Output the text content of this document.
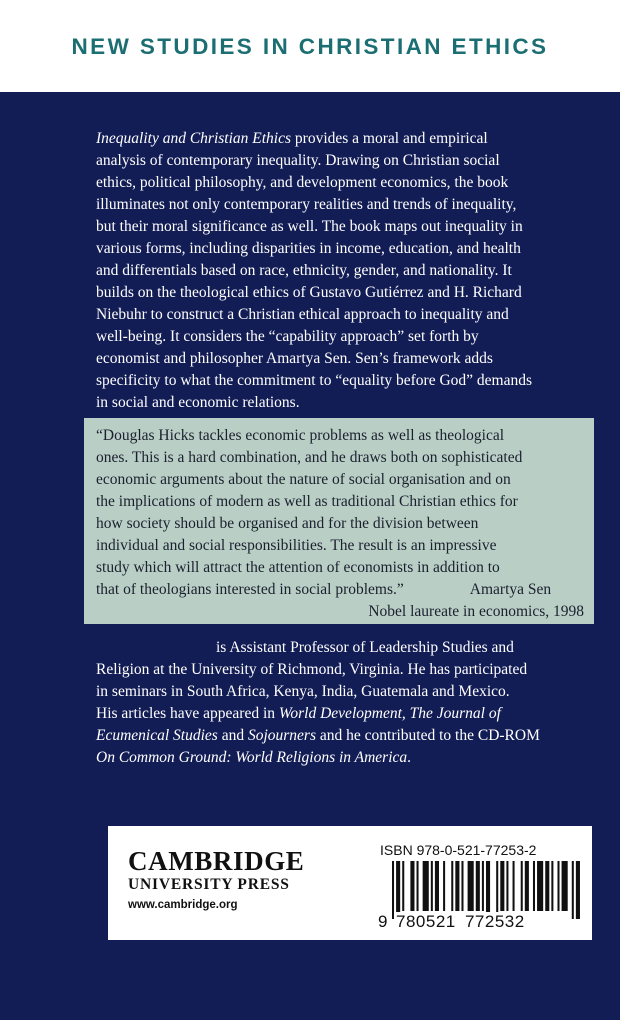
NEW STUDIES IN CHRISTIAN ETHICS

Inequality and Christian Ethics provides a moral and empirical

analysis of contemporary inequality. Drawing on Christian social

ethics, political philosophy, and development economics, the book

illuminates not only contemporary realities and trends of inequality,

but their moral significance as well. The book maps out inequality in

various forms, including disparities in income, education, and health

and differentials based on race, ethnicity, gender, and nationality. It

builds on the theological ethics of Gustavo Gutiérrez and H. Richard

Niebuhr to construct a Christian ethical approach to inequality and

well-being. It considers the “capability approach” set forth by

economist and philosopher Amartya Sen. Sen’s framework adds

specificity to what the commitment to “equality before God” demands

in social and economic relations.

“Douglas Hicks tackles economic problems as well as theological

ones. This is a hard combination, and he draws both on sophisticated

economic arguments about the nature of social organisation and on

the implications of modern as well as traditional Christian ethics for

how society should be organised and for the division between

individual and social responsibilities. The result is an impressive

study which will attract the attention of economists in addition to

that of theologians interested in social problems.”	Amartya Sen

Nobel laureate in economics, 1998

is Assistant Professor of Leadership Studies and

Religion at the University of Richmond, Virginia. He has participated

in seminars in South Africa, Kenya, India, Guatemala and Mexico.

His articles have appeared in World Development, The Journal of

Ecumenical Studies and Sojourners and he contributed to the CD-ROM

On Common Ground: World Religions in America.

CAMBRIDGE
UNIVERSITY PRESS
www.cambridge.org
ISBN 978-0-521-77253-2
9 780521 772532
